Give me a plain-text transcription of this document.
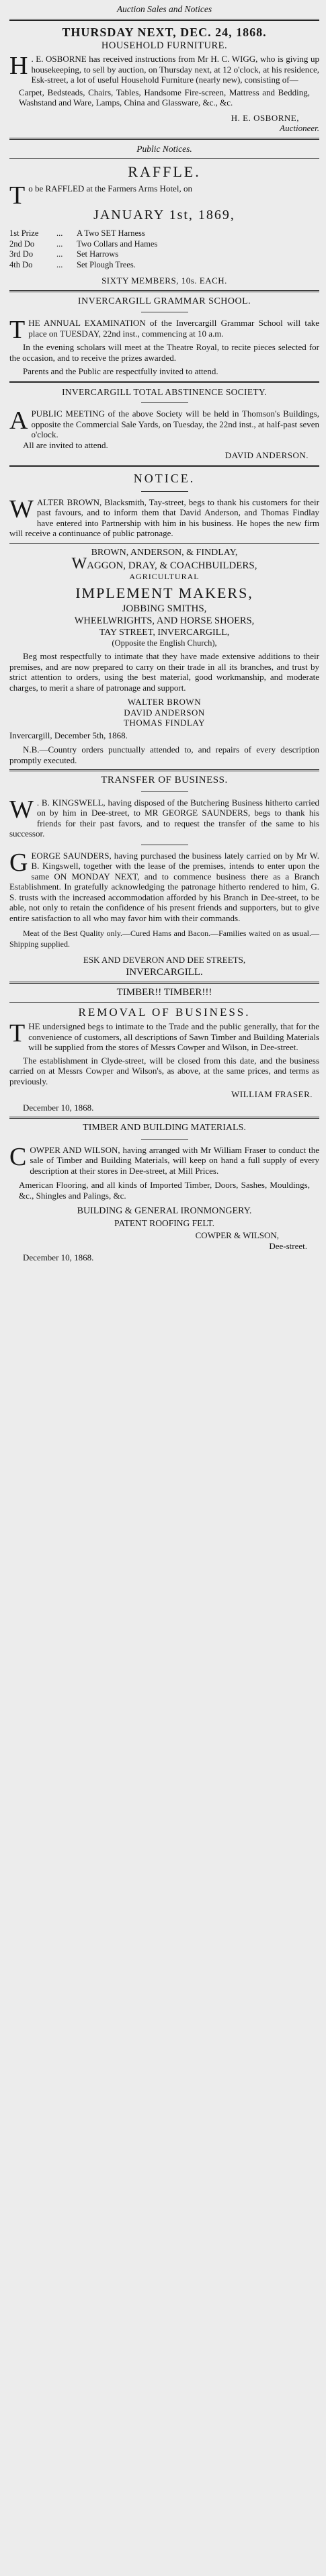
Auction Sales and Notices

THURSDAY NEXT, DEC. 24, 1868.

HOUSEHOLD FURNITURE.

H . E. OSBORNE has received instructions from Mr H. C. WIGG, who is giving up housekeeping, to sell by auction, on Thursday next, at 12 o'clock, at his residence, Esk-street, a lot of useful Household Furniture (nearly new), consisting of—

Carpet, Bedsteads, Chairs, Tables, Handsome Fire-screen, Mattress and Bedding, Washstand and Ware, Lamps, China and Glassware, &c., &c.

H. E. OSBORNE,

Auctioneer.

Public Notices.

RAFFLE.

To be RAFFLED at the Farmers Arms Hotel, on

JANUARY 1st, 1869,

1st Prize	...	A Two SET Harness
2nd Do	...	Two Collars and Hames
3rd Do	...	Set Harrows
4th Do	...	Set Plough Trees.

SIXTY MEMBERS, 10s. EACH.

INVERCARGILL GRAMMAR SCHOOL.

THE ANNUAL EXAMINATION of the Invercargill Grammar School will take place on TUESDAY, 22nd inst., commencing at 10 a.m.

In the evening scholars will meet at the Theatre Royal, to recite pieces selected for the occasion, and to receive the prizes awarded.

Parents and the Public are respectfully invited to attend.

INVERCARGILL TOTAL ABSTINENCE SOCIETY.

APUBLIC MEETING of the above Society will be held in Thomson's Buildings, opposite the Commercial Sale Yards, on Tuesday, the 22nd inst., at half-past seven o'clock.

All are invited to attend.

DAVID ANDERSON.

NOTICE.

WALTER BROWN, Blacksmith, Tay-street, begs to thank his customers for their past favours, and to inform them that David Anderson, and Thomas Findlay have entered into Partnership with him in his business. He hopes the new firm will receive a continuance of public patronage.

BROWN, ANDERSON, & FINDLAY,

WAGGON, DRAY, & COACHBUILDERS,

AGRICULTURAL

IMPLEMENT MAKERS,

JOBBING SMITHS,

WHEELWRIGHTS, AND HORSE SHOERS,

TAY STREET, INVERCARGILL,

(Opposite the English Church),

Beg most respectfully to intimate that they have made extensive additions to their premises, and are now prepared to carry on their trade in all its branches, and trust by strict attention to orders, using the best material, good workmanship, and moderate charges, to merit a share of patronage and support.

WALTER BROWN

DAVID ANDERSON

THOMAS FINDLAY

Invercargill, December 5th, 1868.

N.B.—Country orders punctually attended to, and repairs of every description promptly executed.

TRANSFER OF BUSINESS.

W . B. KINGSWELL, having disposed of the Butchering Business hitherto carried on by him in Dee-street, to MR GEORGE SAUNDERS, begs to thank his friends for their past favors, and to request the transfer of the same to his successor.

GEORGE SAUNDERS, having purchased the business lately carried on by Mr W. B. Kingswell, together with the lease of the premises, intends to enter upon the same ON MONDAY NEXT, and to commence business there as a Branch Establishment. In gratefully acknowledging the patronage hitherto rendered to him, G. S. trusts with the increased accommodation afforded by his Branch in Dee-street, to be able, not only to retain the confidence of his present friends and supporters, but to give entire satisfaction to all who may favor him with their commands.

Meat of the Best Quality only.—Cured Hams and Bacon.—Families waited on as usual.—Shipping supplied.

ESK AND DEVERON AND DEE STREETS,

INVERCARGILL.

TIMBER!! TIMBER!!!

REMOVAL OF BUSINESS.

THE undersigned begs to intimate to the Trade and the public generally, that for the convenience of customers, all descriptions of Sawn Timber and Building Materials will be supplied from the stores of Messrs Cowper and Wilson, in Dee-street.

The establishment in Clyde-street, will be closed from this date, and the business carried on at Messrs Cowper and Wilson's, as above, at the same prices, and terms as previously.

WILLIAM FRASER.

December 10, 1868.

TIMBER AND BUILDING MATERIALS.

COWPER AND WILSON, having arranged with Mr William Fraser to conduct the sale of Timber and Building Materials, will keep on hand a full supply of every description at their stores in Dee-street, at Mill Prices.

American Flooring, and all kinds of Imported Timber, Doors, Sashes, Mouldings, &c., Shingles and Palings, &c.

BUILDING & GENERAL IRONMONGERY.

PATENT ROOFING FELT.

COWPER & WILSON,

Dee-street.

December 10, 1868.
